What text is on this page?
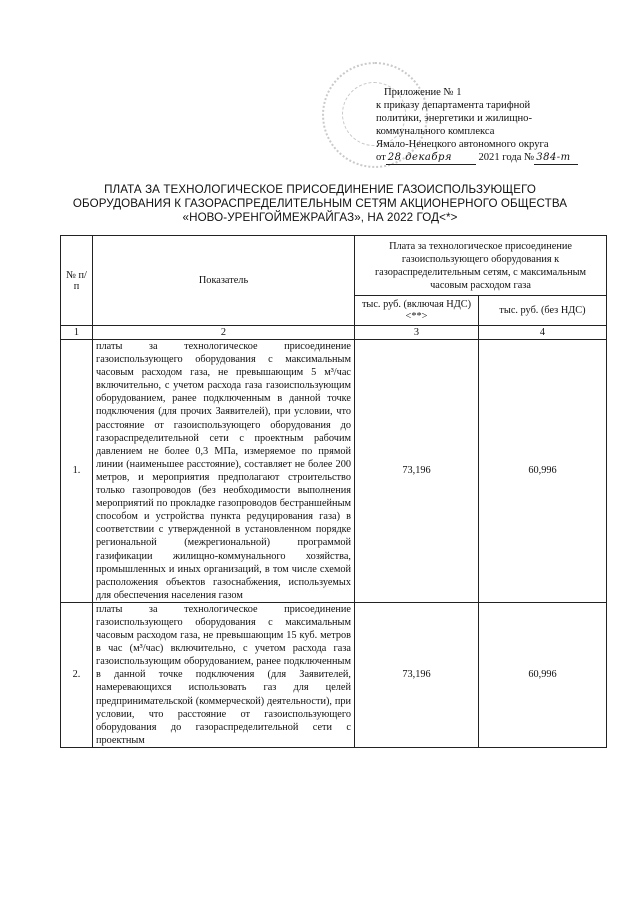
Приложение № 1
к приказу департамента тарифной
политики, энергетики и жилищно-
коммунального комплекса
Ямало-Ненецкого автономного округа
от 28 декабря 2021 года № 384-т
ПЛАТА ЗА ТЕХНОЛОГИЧЕСКОЕ ПРИСОЕДИНЕНИЕ ГАЗОИСПОЛЬЗУЮЩЕГО
ОБОРУДОВАНИЯ К ГАЗОРАСПРЕДЕЛИТЕЛЬНЫМ СЕТЯМ АКЦИОНЕРНОГО ОБЩЕСТВА
«НОВО-УРЕНГОЙМЕЖРАЙГАЗ», НА 2022 ГОД<*>
№ п/п	Показатель	Плата за технологическое присоединение газоиспользующего оборудования к газораспределительным сетям, с максимальным часовым расходом газа	
		тыс. руб. (включая НДС) <**>	тыс. руб. (без НДС)
1	2	3	4
1.	платы за технологическое присоединение газоиспользующего оборудования с максимальным часовым расходом газа, не превышающим 5 м³/час включительно, с учетом расхода газа газоиспользующим оборудованием, ранее подключенным в данной точке подключения (для прочих Заявителей), при условии, что расстояние от газоиспользующего оборудования до газораспределительной сети с проектным рабочим давлением не более 0,3 МПа, измеряемое по прямой линии (наименьшее расстояние), составляет не более 200 метров, и мероприятия предполагают строительство только газопроводов (без необходимости выполнения мероприятий по прокладке газопроводов бестраншейным способом и устройства пункта редуцирования газа) в соответствии с утвержденной в установленном порядке региональной (межрегиональной) программой газификации жилищно-коммунального хозяйства, промышленных и иных организаций, в том числе схемой расположения объектов газоснабжения, используемых для обеспечения населения газом	73,196	60,996
2.	платы за технологическое присоединение газоиспользующего оборудования с максимальным часовым расходом газа, не превышающим 15 куб. метров в час (м³/час) включительно, с учетом расхода газа газоиспользующим оборудованием, ранее подключенным в данной точке подключения (для Заявителей, намеревающихся использовать газ для целей предпринимательской (коммерческой) деятельности), при условии, что расстояние от газоиспользующего оборудования до газораспределительной сети с проектным	73,196	60,996
